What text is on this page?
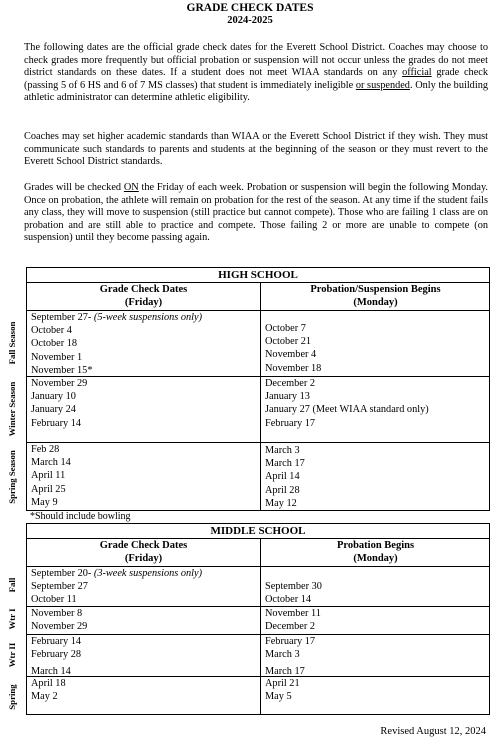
GRADE CHECK DATES
2024-2025
The following dates are the official grade check dates for the Everett School District. Coaches may choose to check grades more frequently but official probation or suspension will not occur unless the grades do not meet district standards on these dates. If a student does not meet WIAA standards on any official grade check (passing 5 of 6 HS and 6 of 7 MS classes) that student is immediately ineligible or suspended. Only the building athletic administrator can determine athletic eligibility.
Coaches may set higher academic standards than WIAA or the Everett School District if they wish. They must communicate such standards to parents and students at the beginning of the season or they must revert to the Everett School District standards.
Grades will be checked ON the Friday of each week. Probation or suspension will begin the following Monday. Once on probation, the athlete will remain on probation for the rest of the season. At any time if the student fails any class, they will move to suspension (still practice but cannot compete). Those who are failing 1 class are on probation and are still able to practice and compete. Those failing 2 or more are unable to compete (on suspension) until they become passing again.
HIGH SCHOOL
Grade Check Dates
(Friday)
Probation/Suspension Begins
(Monday)
September 27- (5-week suspensions only)
October 4
October 18
November 1
November 15*
October 7
October 21
November 4
November 18
November 29
January 10
January 24
February 14
December 2
January 13
January 27 (Meet WIAA standard only)
February 17
Feb 28
March 14
April 11
April 25
May 9
March 3
March 17
April 14
April 28
May 12
Fall Season
Winter Season
Spring Season
*Should include bowling
MIDDLE SCHOOL
Grade Check Dates
(Friday)
Probation Begins
(Monday)
September 20- (3-week suspensions only)
September 27
October 11
September 30
October 14
November 8
November 29
November 11
December 2
February 14
February 28
March 14
February 17
March 3
March 17
April 18
May 2
April 21
May 5
Fall
Wtr I
Wtr II
Spring
Revised August 12, 2024
